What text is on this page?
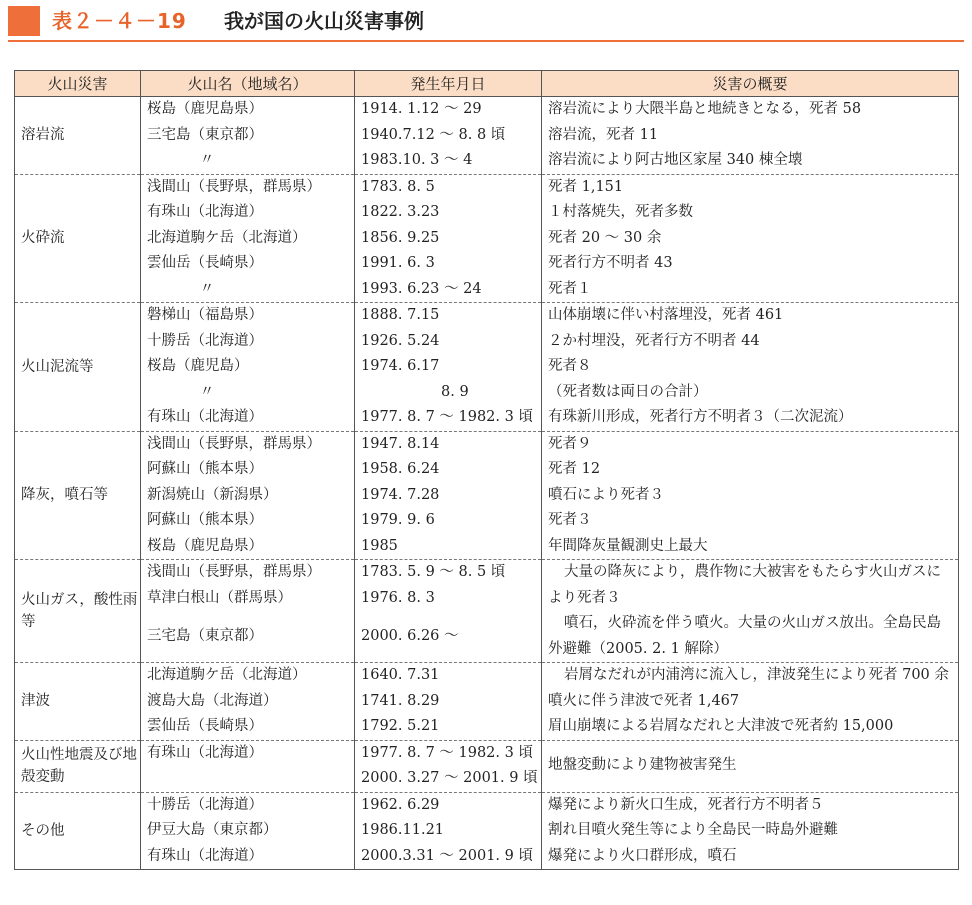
表２－４－19 我が国の火山災害事例
火山災害	火山名（地域名）	発生年月日	災害の概要
溶岩流	桜島（鹿児島県）	1914. 1.12 ～ 29	溶岩流により大隈半島と地続きとなる，死者 58
	三宅島（東京都）	1940.7.12 ～ 8. 8 頃	溶岩流，死者 11
	〃	1983.10. 3 ～ 4	溶岩流により阿古地区家屋 340 棟全壊
火砕流	浅間山（長野県，群馬県）	1783. 8. 5	死者 1,151
	有珠山（北海道）	1822. 3.23	１村落焼失，死者多数
	北海道駒ケ岳（北海道）	1856. 9.25	死者 20 ～ 30 余
	雲仙岳（長崎県）	1991. 6. 3	死者行方不明者 43
	〃	1993. 6.23 ～ 24	死者１
火山泥流等	磐梯山（福島県）	1888. 7.15	山体崩壊に伴い村落埋没，死者 461
	十勝岳（北海道）	1926. 5.24	２か村埋没，死者行方不明者 44
	桜島（鹿児島）	1974. 6.17	死者８
	〃	8. 9	（死者数は両日の合計）
	有珠山（北海道）	1977. 8. 7 ～ 1982. 3 頃	有珠新川形成，死者行方不明者３（二次泥流）
降灰，噴石等	浅間山（長野県，群馬県）	1947. 8.14	死者９
	阿蘇山（熊本県）	1958. 6.24	死者 12
	新潟焼山（新潟県）	1974. 7.28	噴石により死者３
	阿蘇山（熊本県）	1979. 9. 6	死者３
	桜島（鹿児島県）	1985	年間降灰量観測史上最大
火山ガス，酸性雨等	浅間山（長野県，群馬県）	1783. 5. 9 ～ 8. 5 頃	大量の降灰により，農作物に大被害をもたらす火山ガスにより死者３
	草津白根山（群馬県）	1976. 8. 3	
	三宅島（東京都）	2000. 6.26 ～	噴石，火砕流を伴う噴火。大量の火山ガス放出。全島民島外避難（2005. 2. 1 解除）
津波	北海道駒ケ岳（北海道）	1640. 7.31	岩屑なだれが内浦湾に流入し，津波発生により死者 700 余
	渡島大島（北海道）	1741. 8.29	噴火に伴う津波で死者 1,467
	雲仙岳（長崎県）	1792. 5.21	眉山崩壊による岩屑なだれと大津波で死者約 15,000
火山性地震及び地殻変動	有珠山（北海道）	1977. 8. 7 ～ 1982. 3 頃	地盤変動により建物被害発生
		2000. 3.27 ～ 2001. 9 頃	
その他	十勝岳（北海道）	1962. 6.29	爆発により新火口生成，死者行方不明者５
	伊豆大島（東京都）	1986.11.21	割れ目噴火発生等により全島民一時島外避難
	有珠山（北海道）	2000.3.31 ～ 2001. 9 頃	爆発により火口群形成，噴石
